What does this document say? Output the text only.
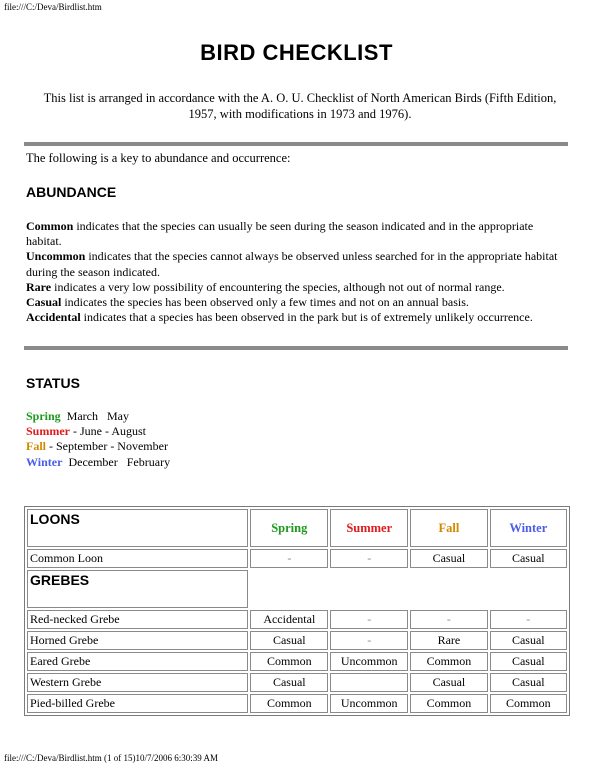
file:///C:/Deva/Birdlist.htm
BIRD CHECKLIST
This list is arranged in accordance with the A. O. U. Checklist of North American Birds (Fifth Edition, 1957, with modifications in 1973 and 1976).
The following is a key to abundance and occurrence:
ABUNDANCE
Common indicates that the species can usually be seen during the season indicated and in the appropriate habitat.
Uncommon indicates that the species cannot always be observed unless searched for in the appropriate habitat during the season indicated.
Rare indicates a very low possibility of encountering the species, although not out of normal range.
Casual indicates the species has been observed only a few times and not on an annual basis.
Accidental indicates that a species has been observed in the park but is of extremely unlikely occurrence.
STATUS
Spring  March   May
Summer - June - August
Fall - September - November
Winter  December   February
LOONS	Spring	Summer	Fall	Winter
Common Loon	-	-	Casual	Casual
GREBES				
Red-necked Grebe	Accidental	-	-	-
Horned Grebe	Casual	-	Rare	Casual
Eared Grebe	Common	Uncommon	Common	Casual
Western Grebe	Casual		Casual	Casual
Pied-billed Grebe	Common	Uncommon	Common	Common
file:///C:/Deva/Birdlist.htm (1 of 15)10/7/2006 6:30:39 AM
